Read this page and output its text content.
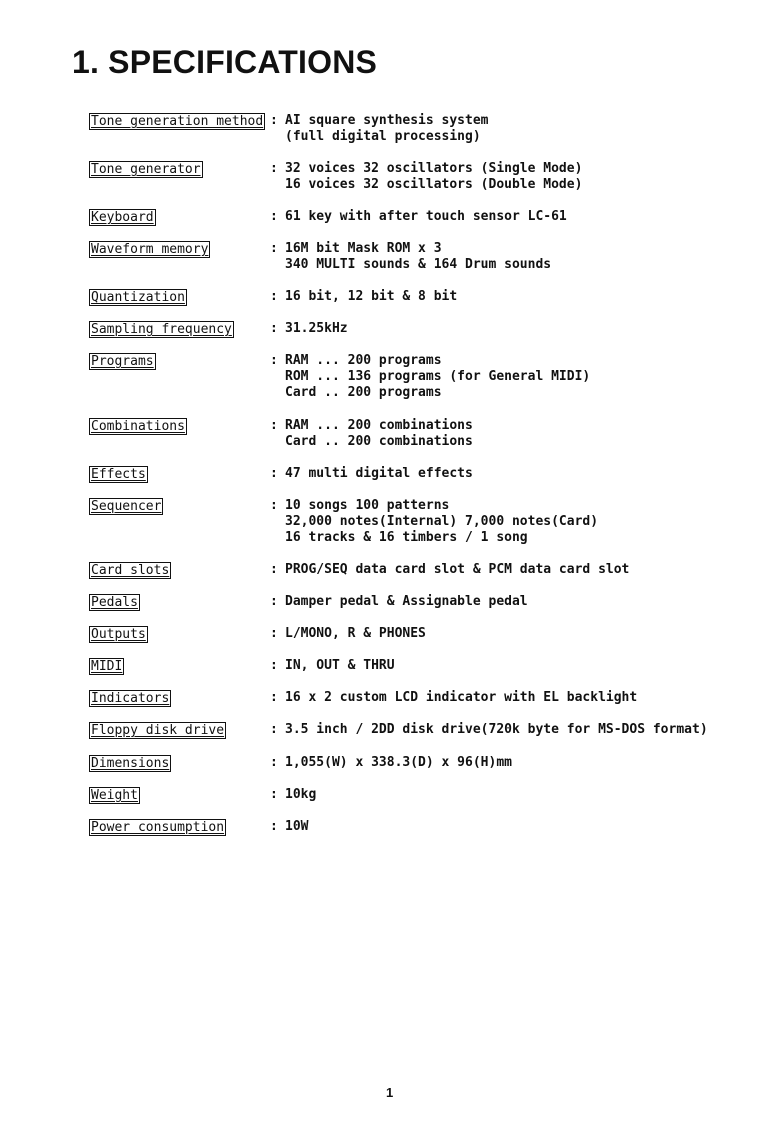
1. SPECIFICATIONS
Tone generation method : AI square synthesis system
(full digital processing)
Tone generator	: 32 voices 32 oscillators (Single Mode)
16 voices 32 oscillators (Double Mode)
Keyboard	: 61 key with after touch sensor LC-61
Waveform memory	: 16M bit Mask ROM x 3
340 MULTI sounds & 164 Drum sounds
Quantization	: 16 bit, 12 bit & 8 bit
Sampling frequency	: 31.25kHz
Programs	: RAM ... 200 programs
ROM ... 136 programs (for General MIDI)
Card .. 200 programs
Combinations	: RAM ... 200 combinations
Card .. 200 combinations
Effects	: 47 multi digital effects
Sequencer	: 10 songs 100 patterns
32,000 notes(Internal) 7,000 notes(Card)
16 tracks & 16 timbers / 1 song
Card slots	: PROG/SEQ data card slot & PCM data card slot
Pedals	: Damper pedal & Assignable pedal
Outputs	: L/MONO, R & PHONES
MIDI	: IN, OUT & THRU
Indicators	: 16 x 2 custom LCD indicator with EL backlight
Floppy disk drive	: 3.5 inch / 2DD disk drive(720k byte for MS-DOS format)
Dimensions	: 1,055(W) x 338.3(D) x 96(H)mm
Weight	: 10kg
Power consumption	: 10W
1
